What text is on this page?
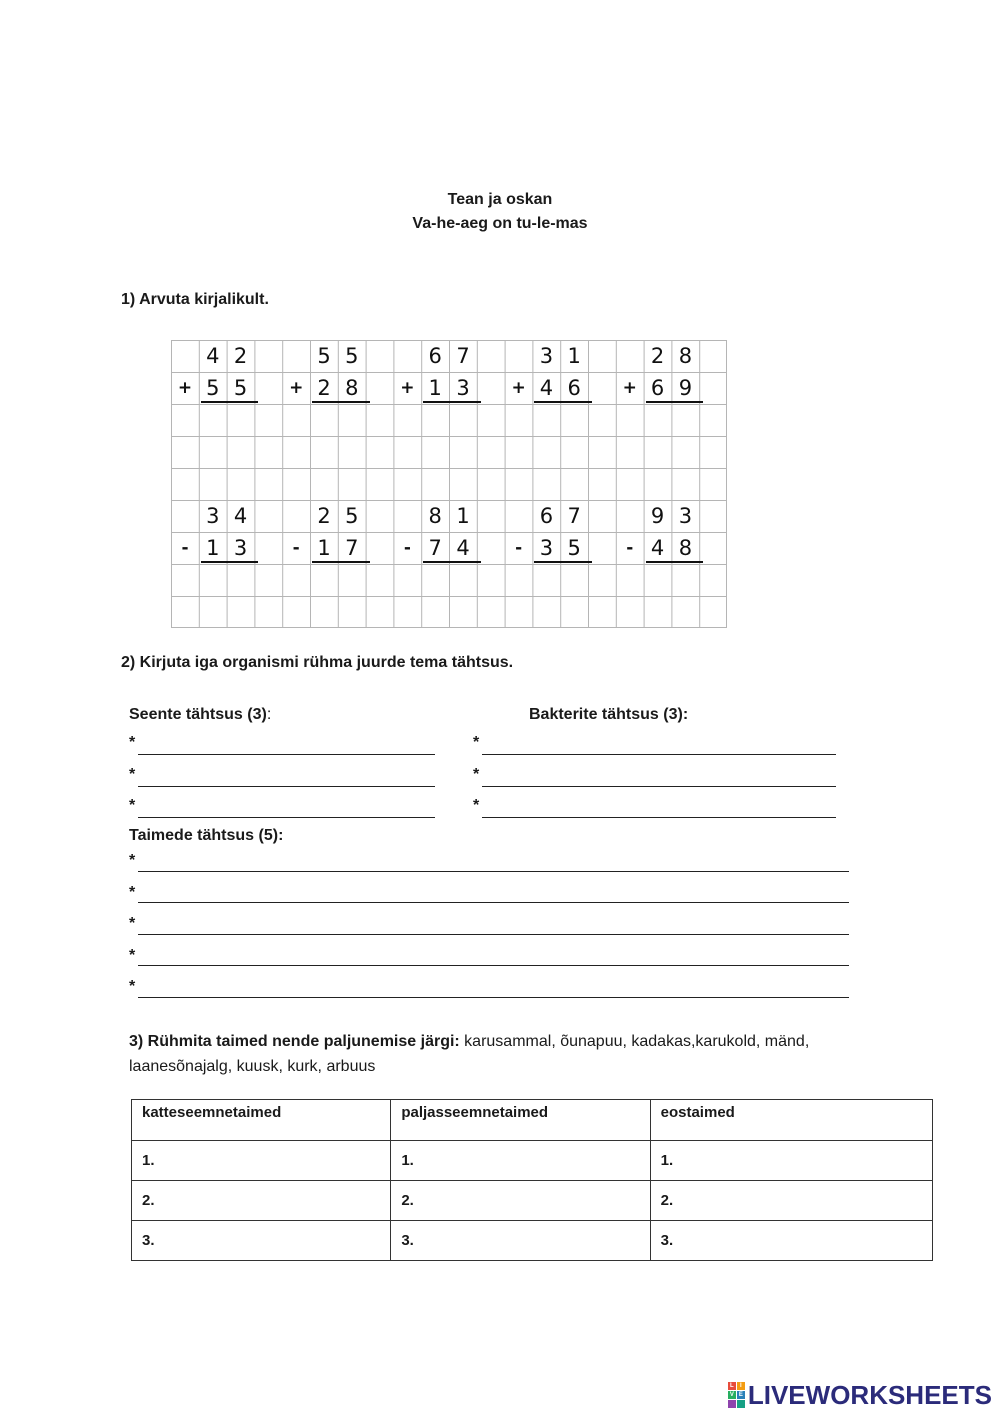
Tean ja oskan
Va-he-aeg on tu-le-mas
1) Arvuta kirjalikult.
4 2
+ 5 5
5 5
+ 2 8
6 7
+ 1 3
3 1
+ 4 6
2 8
+ 6 9
3 4
- 1 3
2 5
- 1 7
8 1
- 7 4
6 7
- 3 5
9 3
- 4 8
2) Kirjuta iga organismi rühma juurde tema tähtsus.
Seente tähtsus (3):	Bakterite tähtsus (3):
*
*
*
*
*
*
Taimede tähtsus (5):
*
*
*
*
*
3) Rühmita taimed nende paljunemise järgi: karusammal, õunapuu, kadakas,karukold, mänd,
laanesõnajalg, kuusk, kurk, arbuus
katteseemnetaimed	paljasseemnetaimed	eostaimed
1.	1.	1.
2.	2.	2.
3.	3.	3.
L	I
V E LIVEWORKSHEETS
